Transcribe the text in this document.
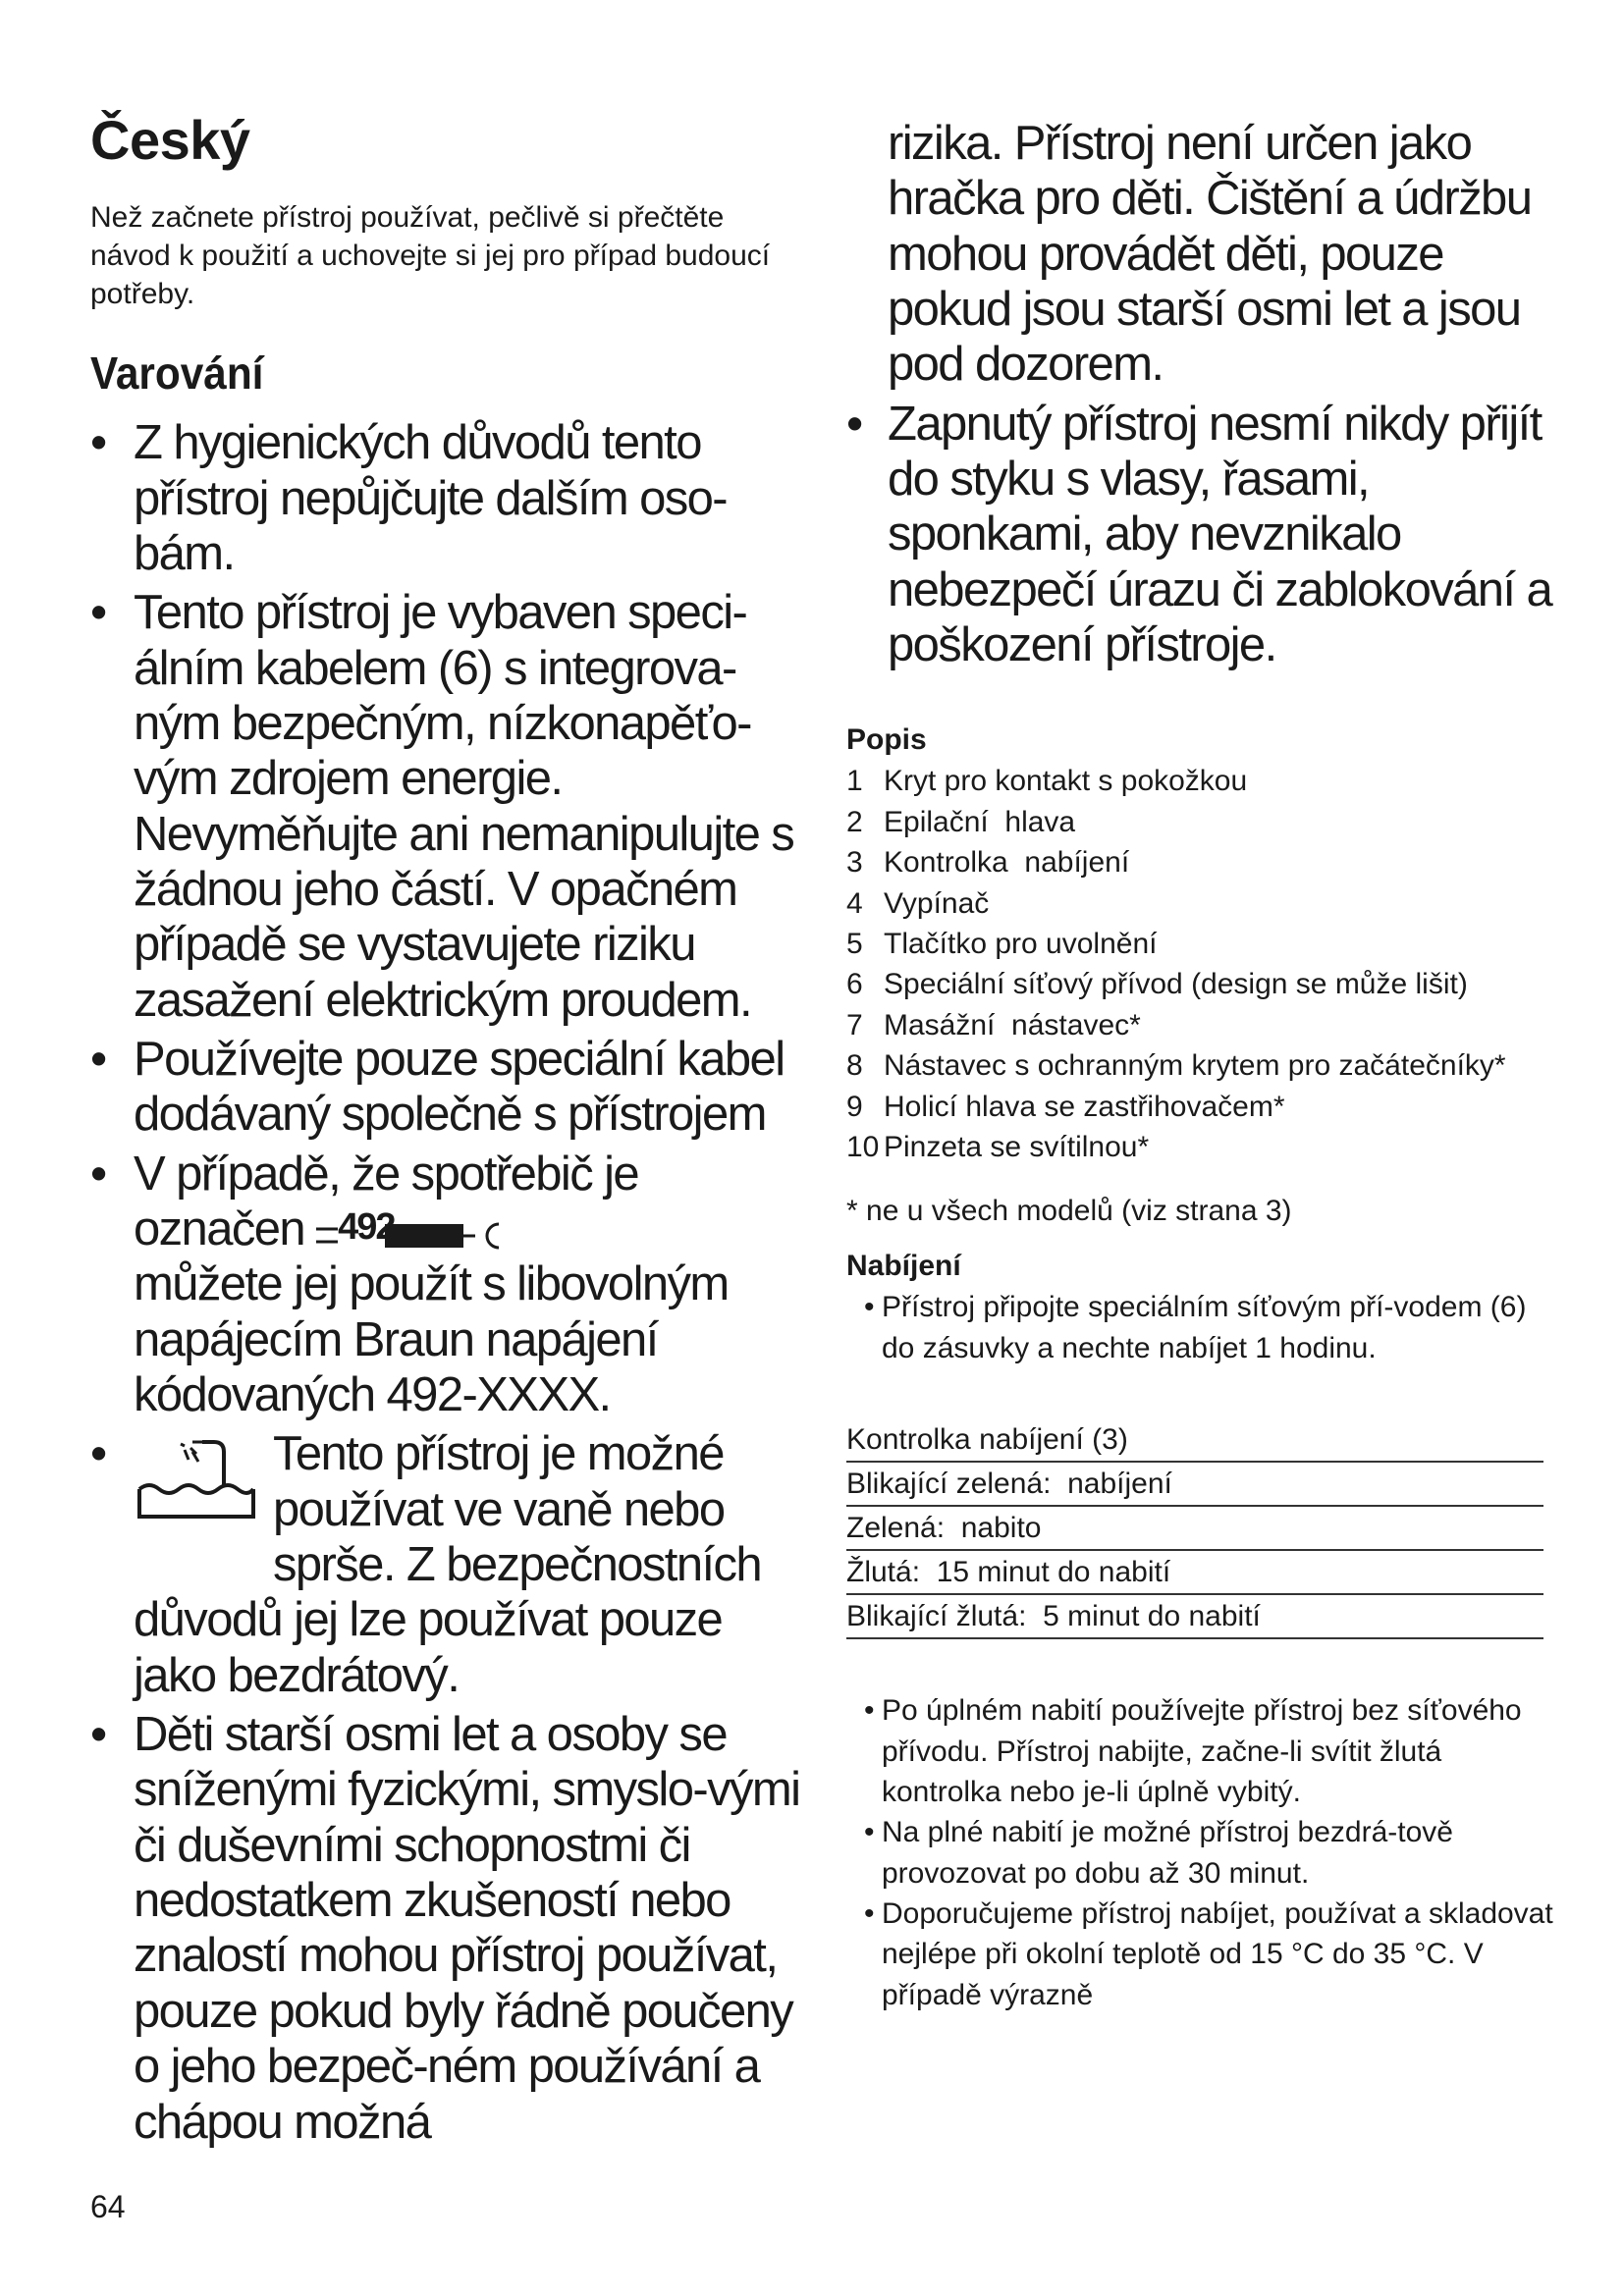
Český

Než začnete přístroj používat, pečlivě si přečtěte návod k použití a uchovejte si jej pro případ budoucí potřeby.

Varování
• Z hygienických důvodů tento přístroj nepůjčujte dalším oso-bám.
• Tento přístroj je vybaven speci-álním kabelem (6) s integrova-ným bezpečným, nízkonapěťo-vým zdrojem energie. Nevyměňujte ani nemanipulujte s žádnou jeho částí. V opačném případě se vystavujete riziku zasažení elektrickým proudem.
• Používejte pouze speciální kabel dodávaný společně s přístrojem
• V případě, že spotřebič je
označen 492

můžete jej použít s libovolným napájecím Braun napájení kódovaných 492-XXXX.
•	Tento přístroj je možné používat ve vaně nebo sprše. Z bezpečnostních
důvodů jej lze používat pouze jako bezdrátový.
• Děti starší osmi let a osoby se sníženými fyzickými, smyslo-vými či duševními schopnostmi či nedostatkem zkušeností nebo znalostí mohou přístroj používat, pouze pokud byly řádně poučeny o jeho bezpeč-ném používání a chápou možná
64
rizika. Přístroj není určen jako hračka pro děti. Čištění a údržbu mohou provádět děti, pouze pokud jsou starší osmi let a jsou pod dozorem.
• Zapnutý přístroj nesmí nikdy přijít do styku s vlasy, řasami, sponkami, aby nevznikalo nebezpečí úrazu či zablokování a poškození přístroje.
Popis
1 Kryt pro kontakt s pokožkou
2 Epilační  hlava
3 Kontrolka  nabíjení
4 Vypínač
5 Tlačítko pro uvolnění
6 Speciální síťový přívod (design se může lišit)
7 Masážní  nástavec*
8 Nástavec s ochranným krytem pro začátečníky*
9 Holicí hlava se zastřihovačem*
10 Pinzeta se svítilnou*

* ne u všech modelů (viz strana 3)

Nabíjení
• Přístroj připojte speciálním síťovým pří-vodem (6) do zásuvky a nechte nabíjet 1 hodinu.

Kontrolka nabíjení (3)

Blikající zelená:  nabíjení
Zelená:  nabito
Žlutá:  15 minut do nabití
Blikající žlutá:  5 minut do nabití
• Po úplném nabití používejte přístroj bez síťového přívodu. Přístroj nabijte, začne-li svítit žlutá kontrolka nebo je-li úplně vybitý.
• Na plné nabití je možné přístroj bezdrá-tově provozovat po dobu až 30 minut.
• Doporučujeme přístroj nabíjet, používat a skladovat nejlépe při okolní teplotě od 15 °C do 35 °C. V případě výrazně
